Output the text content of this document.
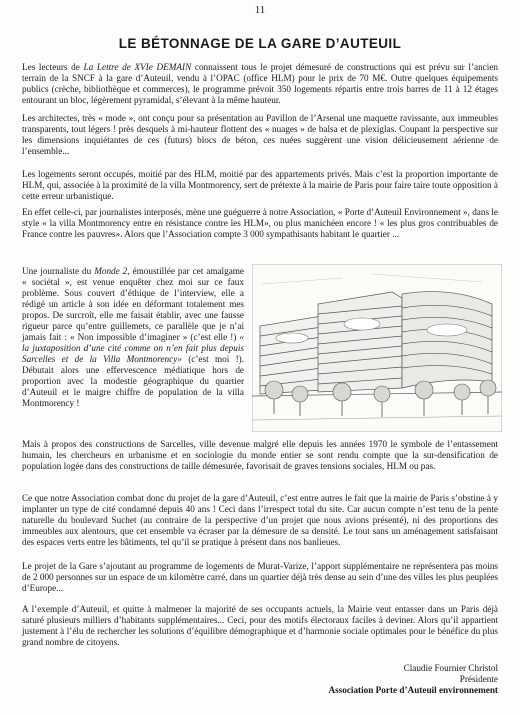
11
LE BÉTONNAGE DE LA GARE D’AUTEUIL

Les lecteurs de La Lettre de XVIe DEMAIN connaissent tous le projet démesuré de constructions qui est prévu sur l’ancien terrain de la SNCF à la gare d’Auteuil, vendu à l’OPAC (office HLM) pour le prix de 70 M€. Outre quelques équipements publics (crèche, bibliothèque et commerces), le programme prévoit 350 logements répartis entre trois barres de 11 à 12 étages entourant un bloc, légèrement pyramidal, s’élevant à la même hauteur.

Les architectes, très « mode », ont conçu pour sa présentation au Pavillon de l’Arsenal une maquette ravissante, aux immeubles transparents, tout légers ! près desquels à mi-hauteur flottent des « nuages » de balsa et de plexiglas. Coupant la perspective sur les dimensions inquiétantes de ces (futurs) blocs de béton, ces nuées suggèrent une vision délicieusement aérienne de l’ensemble...

Les logements seront occupés, moitié par des HLM, moitié par des appartements privés. Mais c’est la proportion importante de HLM, qui, associée à la proximité de la villa Montmorency, sert de prétexte à la mairie de Paris pour faire taire toute opposition à cette erreur urbanistique.

En effet celle-ci, par journalistes interposés, mène une guéguerre à notre Association, « Porte d’Auteuil Environnement », dans le style « la villa Montmorency entre en résistance contre les HLM», ou plus manichéen encore ! « les plus gros contribuables de France contre les pauvres». Alors que l’Association compte 3 000 sympathisants habitant le quartier ...

Une journaliste du Monde 2, émoustillée par cet amalgame « sociétal », est venue enquêter chez moi sur ce faux problème. Sous couvert d’éthique de l’interview, elle a rédigé un article à son idée en déformant totalement mes propos. De surcroît, elle me faisait établir, avec une fausse rigueur parce qu’entre guillemets, ce parallèle que je n’ai jamais fait : « Non impossible d’imaginer » (c’est elle !) « la juxtaposition d’une cité comme on n’en fait plus depuis Sarcelles et de la Villa Montmorency» (c’est moi !). Débutait alors une effervescence médiatique hors de proportion avec la modestie géographique du quartier d’Auteuil et le maigre chiffre de population de la villa Montmorency !

Mais à propos des constructions de Sarcelles, ville devenue malgré elle depuis les années 1970 le symbole de l’entassement humain, les chercheurs en urbanisme et en sociologie du monde entier se sont rendu compte que la sur-densification de population logée dans des constructions de taille démesurée, favorisait de graves tensions sociales, HLM ou pas.

Ce que notre Association combat donc du projet de la gare d’Auteuil, c’est entre autres le fait que la mairie de Paris s’obstine à y implanter un type de cité condamné depuis 40 ans ! Ceci dans l’irrespect total du site. Car aucun compte n’est tenu de la pente naturelle du boulevard Suchet (au contraire de la perspective d’un projet que nous avions présenté), ni des proportions des immeubles aux alentours, que cet ensemble va écraser par la démesure de sa densité. Le tout sans un aménagement satisfaisant des espaces verts entre les bâtiments, tel qu’il se pratique à présent dans nos banlieues.

Le projet de la Gare s’ajoutant au programme de logements de Murat-Varize, l’apport supplémentaire ne représentera pas moins de 2 000 personnes sur un espace de un kilomètre carré, dans un quartier déjà très dense au sein d’une des villes les plus peuplées d’Europe...

A l’exemple d’Auteuil, et quitte à malmener la majorité de ses occupants actuels, la Mairie veut entasser dans un Paris déjà saturé plusieurs milliers d’habitants supplémentaires... Ceci, pour des motifs électoraux faciles à deviner. Alors qu’il appartient justement à l’élu de rechercher les solutions d’équilibre démographique et d’harmonie sociale optimales pour le bénéfice du plus grand nombre de citoyens.

Claudie Fournier Christol
Présidente
Association Porte d’Auteuil environnement
